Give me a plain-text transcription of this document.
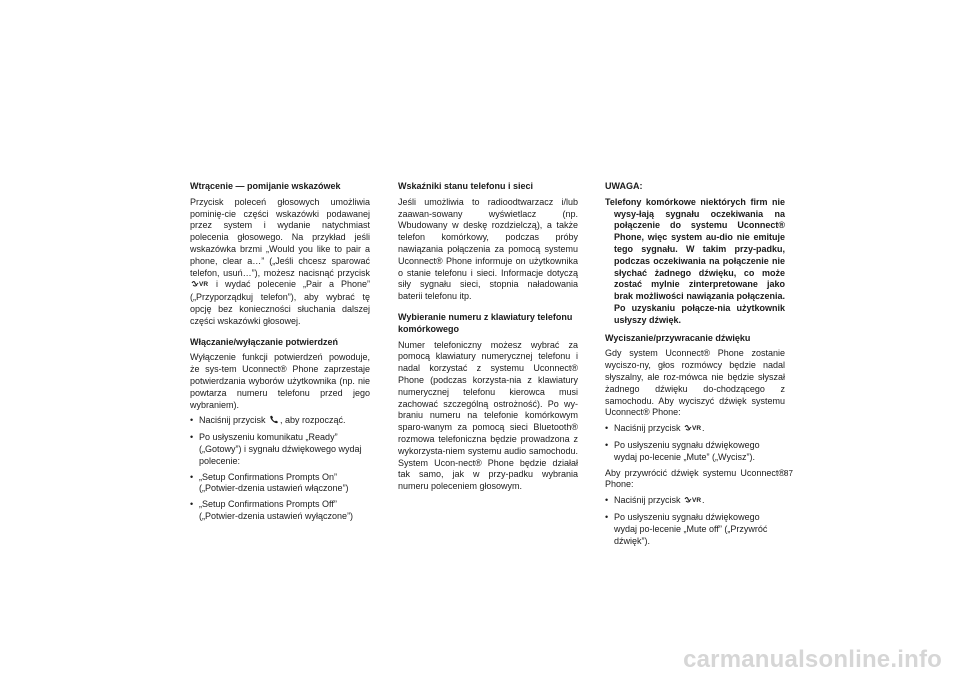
Wtrącenie — pomijanie wskazówek
Przycisk poleceń głosowych umożliwia pominię-cie części wskazówki podawanej przez system i wydanie natychmiast polecenia głosowego. Na przykład jeśli wskazówka brzmi „Would you like to pair a phone, clear a…” („Jeśli chcesz sparować telefon, usuń…”), możesz nacisnąć przycisk
VR i wydać polecenie „Pair a Phone” („Przyporządkuj telefon”), aby wybrać tę opcję bez konieczności słuchania dalszej części wskazówki głosowej.
Włączanie/wyłączanie potwierdzeń
Wyłączenie funkcji potwierdzeń powoduje, że sys-tem Uconnect® Phone zaprzestaje potwierdzania wyborów użytkownika (np. nie powtarza numeru telefonu przed jego wybraniem).
• Naciśnij przycisk , aby rozpocząć.
• Po usłyszeniu komunikatu „Ready” („Gotowy”) i sygnału dźwiękowego wydaj polecenie:
• „Setup Confirmations Prompts On” („Potwier-dzenia ustawień włączone”)
• „Setup Confirmations Prompts Off” („Potwier-dzenia ustawień wyłączone”)
Wskaźniki stanu telefonu i sieci
Jeśli umożliwia to radioodtwarzacz i/lub zaawan-sowany wyświetlacz (np. Wbudowany w deskę rozdzielczą), a także telefon komórkowy, podczas próby nawiązania połączenia za pomocą systemu Uconnect® Phone informuje on użytkownika o stanie telefonu i sieci. Informacje dotyczą siły sygnału sieci, stopnia naładowania baterii telefonu itp.
Wybieranie numeru z klawiatury telefonu komórkowego
Numer telefoniczny możesz wybrać za pomocą klawiatury numerycznej telefonu i nadal korzystać z systemu Uconnect® Phone (podczas korzysta-nia z klawiatury numerycznej telefonu kierowca musi zachować szczególną ostrożność). Po wy-braniu numeru na telefonie komórkowym sparo-wanym za pomocą sieci Bluetooth® rozmowa telefoniczna będzie prowadzona z wykorzysta-niem systemu audio samochodu. System Ucon-nect® Phone będzie działał tak samo, jak w przy-padku wybrania numeru poleceniem głosowym.
UWAGA:
Telefony komórkowe niektórych firm nie wysy-łają sygnału oczekiwania na połączenie do systemu Uconnect® Phone, więc system au-dio nie emituje tego sygnału. W takim przy-padku, podczas oczekiwania na połączenie nie słychać żadnego dźwięku, co może zostać mylnie zinterpretowane jako brak możliwości nawiązania połączenia. Po uzyskaniu połącze-nia użytkownik usłyszy dźwięk.
Wyciszanie/przywracanie dźwięku
Gdy system Uconnect® Phone zostanie wyciszo-ny, głos rozmówcy będzie nadal słyszalny, ale roz-mówca nie będzie słyszał żadnego dźwięku do-chodzącego z samochodu. Aby wyciszyć dźwięk systemu Uconnect® Phone:
• Naciśnij przycisk VR .
• Po usłyszeniu sygnału dźwiękowego wydaj po-lecenie „Mute” („Wycisz”).
Aby przywrócić dźwięk systemu Uconnect® Phone:
• Naciśnij przycisk VR .
• Po usłyszeniu sygnału dźwiękowego wydaj po-lecenie „Mute off” („Przywróć dźwięk”).
87
carmanualsonline.info
